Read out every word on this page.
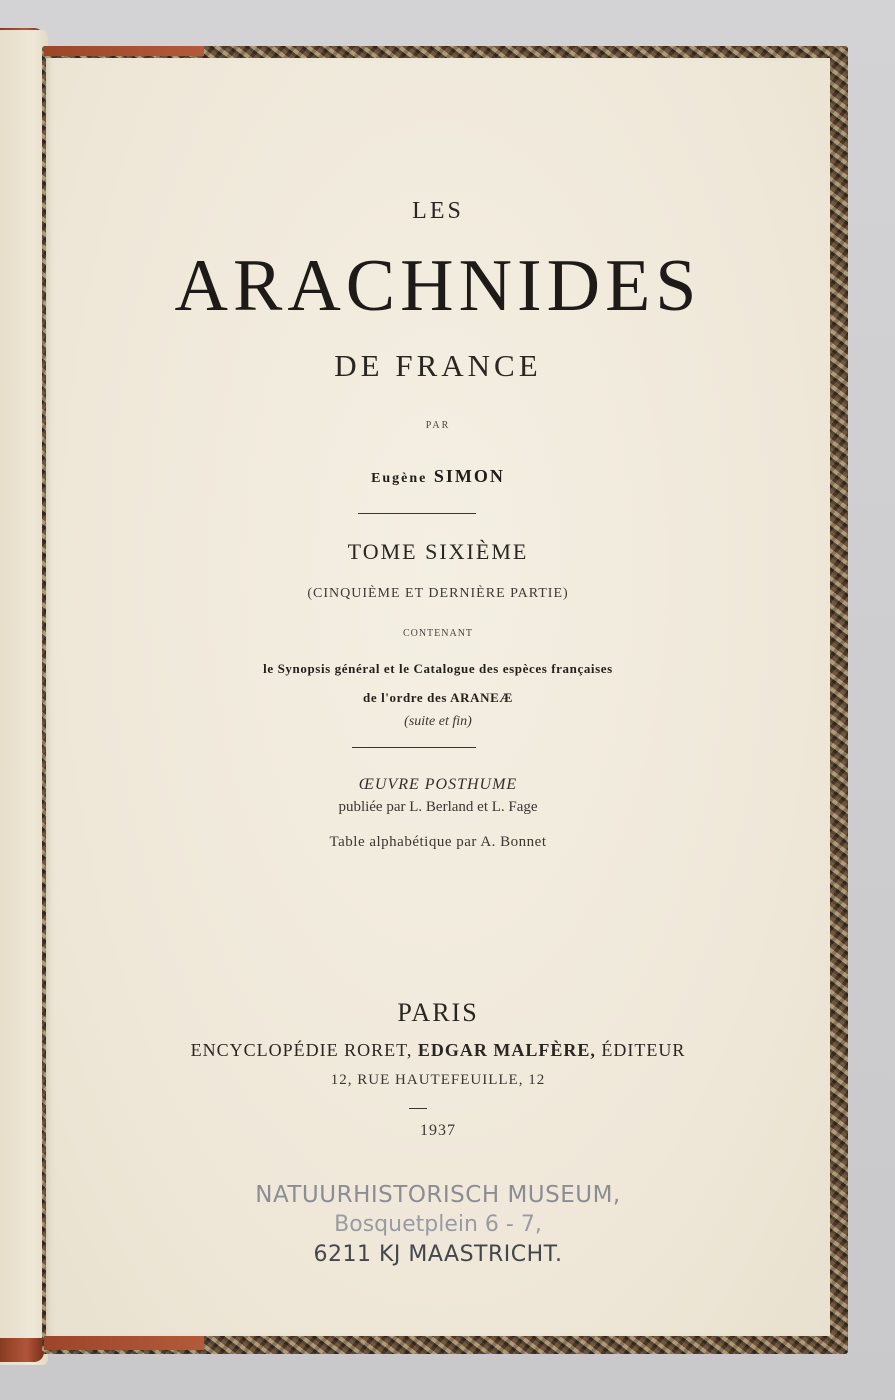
LES
ARACHNIDES
DE FRANCE
PAR
Eugène SIMON
TOME SIXIÈME
(CINQUIÈME ET DERNIÈRE PARTIE)
CONTENANT
le Synopsis général et le Catalogue des espèces françaises
de l'ordre des ARANEÆ
(suite et fin)
ŒUVRE POSTHUME
publiée par L. Berland et L. Fage
Table alphabétique par A. Bonnet
PARIS
ENCYCLOPÉDIE RORET, EDGAR MALFÈRE, ÉDITEUR
12, RUE HAUTEFEUILLE, 12
1937
NATUURHISTORISCH MUSEUM,
Bosquetplein 6 - 7,
6211 KJ MAASTRICHT.
